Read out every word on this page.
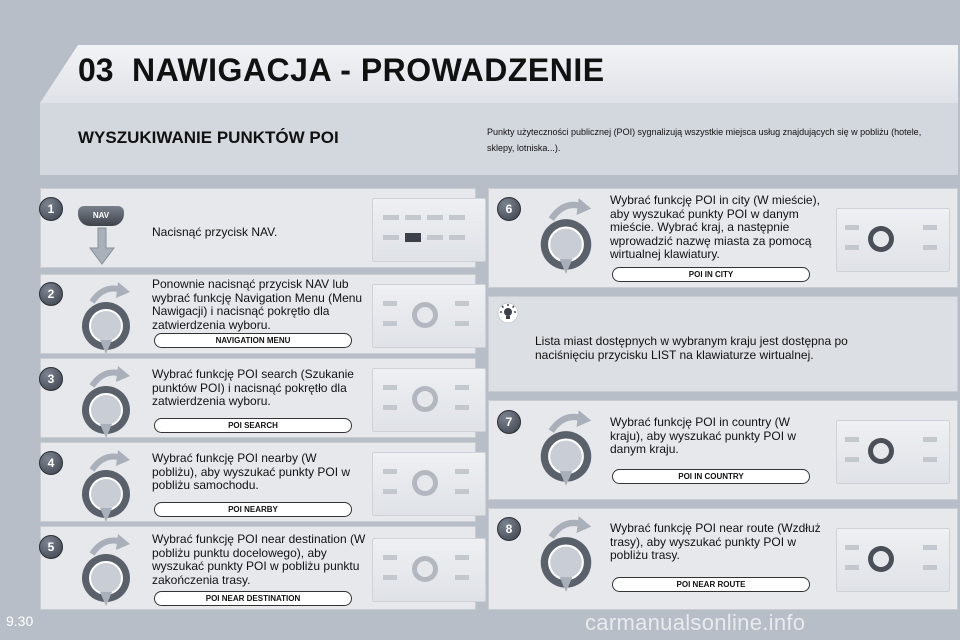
03 NAWIGACJA - PROWADZENIE
WYSZUKIWANIE PUNKTÓW POI	Punkty użyteczności publicznej (POI) sygnalizują wszystkie miejsca usług znajdujących się w pobliżu (hotele, sklepy, lotniska...).
1
2
3
4
5
6
7
8
NAV
Nacisnąć przycisk NAV.
Ponownie nacisnąć przycisk NAV lub wybrać funkcję Navigation Menu (Menu Nawigacji) i nacisnąć pokrętło dla zatwierdzenia wyboru.
Wybrać funkcję POI search (Szukanie punktów POI) i nacisnąć pokrętło dla zatwierdzenia wyboru.
Wybrać funkcję POI nearby (W pobliżu), aby wyszukać punkty POI w pobliżu samochodu.
Wybrać funkcję POI near destination (W pobliżu punktu docelowego), aby wyszukać punkty POI w pobliżu punktu zakończenia trasy.
Wybrać funkcję POI in city (W mieście), aby wyszukać punkty POI w danym mieście. Wybrać kraj, a następnie wprowadzić nazwę miasta za pomocą wirtualnej klawiatury.
Wybrać funkcję POI in country (W kraju), aby wyszukać punkty POI w danym kraju.
Wybrać funkcję POI near route (Wzdłuż trasy), aby wyszukać punkty POI w pobliżu trasy.
NAVIGATION MENU
POI SEARCH
POI NEARBY
POI NEAR DESTINATION
POI IN CITY
POI IN COUNTRY
POI NEAR ROUTE
Lista miast dostępnych w wybranym kraju jest dostępna po naciśnięciu przycisku LIST na klawiaturze wirtualnej.
9.30	carmanualsonline.info
